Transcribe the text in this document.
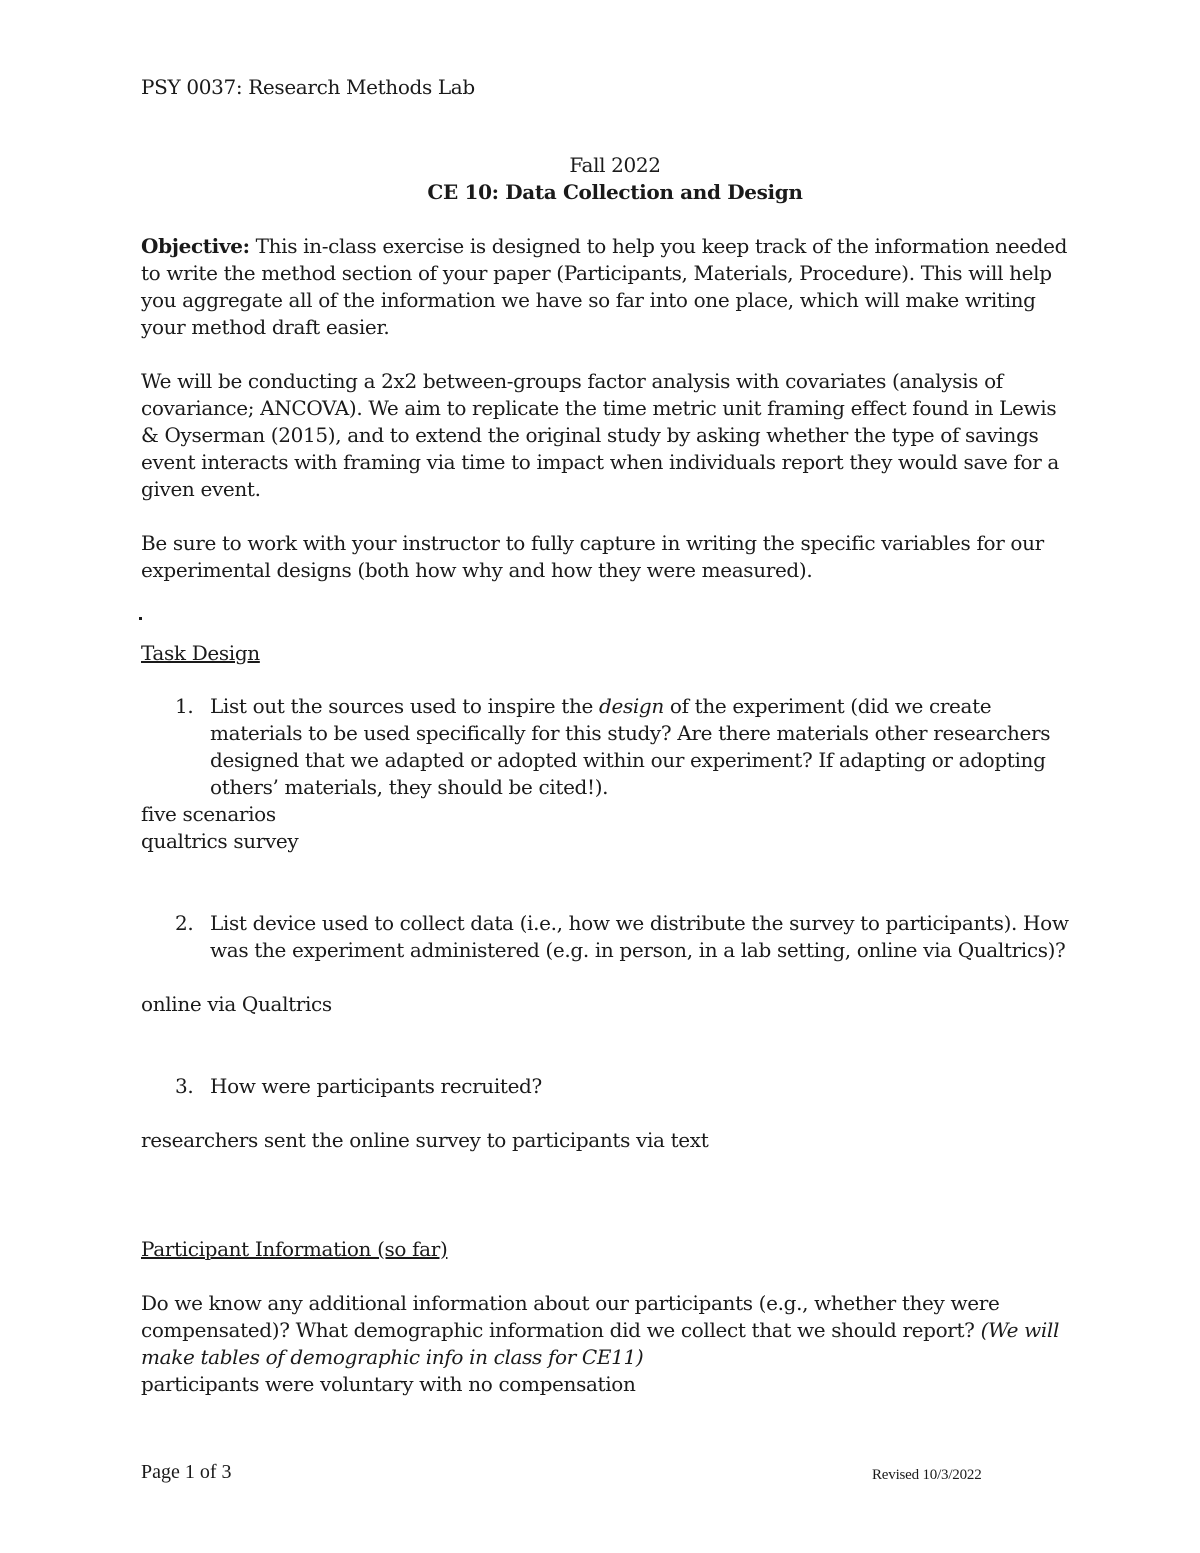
PSY 0037: Research Methods Lab

Fall 2022

CE 10: Data Collection and Design

Objective: This in-class exercise is designed to help you keep track of the information needed to write the method section of your paper (Participants, Materials, Procedure). This will help you aggregate all of the information we have so far into one place, which will make writing your method draft easier.

We will be conducting a 2x2 between-groups factor analysis with covariates (analysis of covariance; ANCOVA). We aim to replicate the time metric unit framing effect found in Lewis & Oyserman (2015), and to extend the original study by asking whether the type of savings event interacts with framing via time to impact when individuals report they would save for a given event.

Be sure to work with your instructor to fully capture in writing the specific variables for our experimental designs (both how why and how they were measured).

Task Design

1. List out the sources used to inspire the design of the experiment (did we create materials to be used specifically for this study? Are there materials other researchers designed that we adapted or adopted within our experiment? If adapting or adopting others’ materials, they should be cited!).

five scenarios

qualtrics survey

2. List device used to collect data (i.e., how we distribute the survey to participants). How was the experiment administered (e.g. in person, in a lab setting, online via Qualtrics)?

online via Qualtrics

3. How were participants recruited?

researchers sent the online survey to participants via text

Participant Information (so far)

Do we know any additional information about our participants (e.g., whether they were compensated)? What demographic information did we collect that we should report? (We will make tables of demographic info in class for CE11)

participants were voluntary with no compensation

Page 1 of 3	Revised 10/3/2022
